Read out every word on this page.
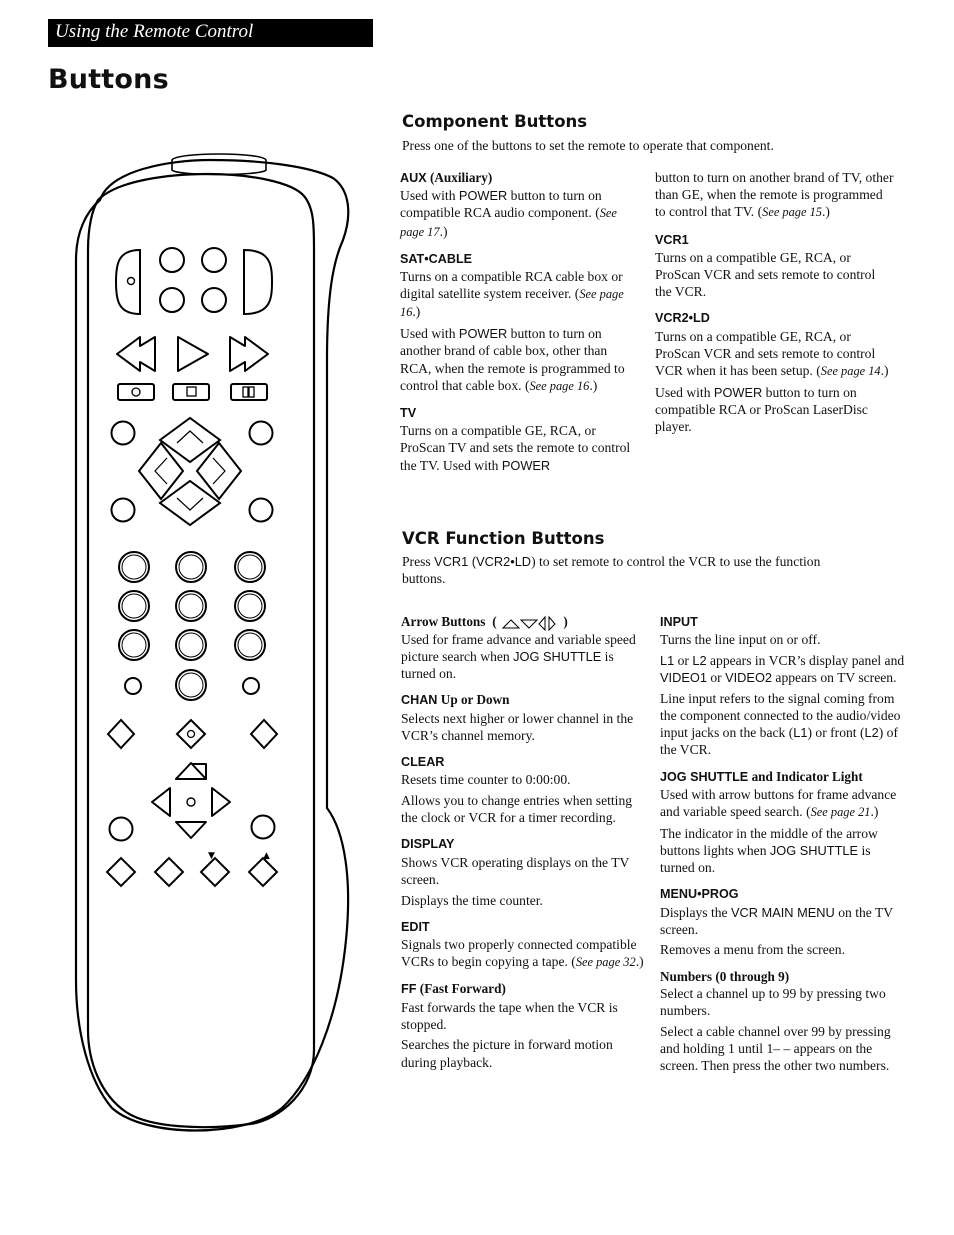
Using the Remote Control
Buttons
▼	▲
Component Buttons
Press one of the buttons to set the remote to operate that component.

AUX (Auxiliary)
Used with POWER button to turn on compatible RCA audio component. (See page 17.)

SAT•CABLE
Turns on a compatible RCA cable box or digital satellite system receiver. (See page 16.)

Used with POWER button to turn on another brand of cable box, other than RCA, when the remote is programmed to control that cable box. (See page 16.)

TV
Turns on a compatible GE, RCA, or ProScan TV and sets the remote to control the TV. Used with POWER

button to turn on another brand of TV, other than GE, when the remote is programmed to control that TV. (See page 15.)

VCR1
Turns on a compatible GE, RCA, or ProScan VCR and sets remote to control the VCR.

VCR2•LD
Turns on a compatible GE, RCA, or ProScan VCR and sets remote to control VCR when it has been setup. (See page 14.)

Used with POWER button to turn on compatible RCA or ProScan LaserDisc player.

VCR Function Buttons
Press VCR1 (VCR2•LD) to set remote to control the VCR to use the function buttons.

Arrow Buttons (	)
Used for frame advance and variable speed picture search when JOG SHUTTLE is turned on.

CHAN Up or Down
Selects next higher or lower channel in the VCR’s channel memory.

CLEAR
Resets time counter to 0:00:00.

Allows you to change entries when setting the clock or VCR for a timer recording.

DISPLAY
Shows VCR operating displays on the TV screen.

Displays the time counter.

EDIT
Signals two properly connected compatible VCRs to begin copying a tape. (See page 32.)

FF (Fast Forward)
Fast forwards the tape when the VCR is stopped.

Searches the picture in forward motion during playback.

INPUT
Turns the line input on or off.

L1 or L2 appears in VCR’s display panel and VIDEO1 or VIDEO2 appears on TV screen.

Line input refers to the signal coming from the component connected to the audio/video input jacks on the back (L1) or front (L2) of the VCR.

JOG SHUTTLE and Indicator Light
Used with arrow buttons for frame advance and variable speed search. (See page 21.)

The indicator in the middle of the arrow buttons lights when JOG SHUTTLE is turned on.

MENU•PROG
Displays the VCR MAIN MENU on the TV screen.

Removes a menu from the screen.

Numbers (0 through 9)
Select a channel up to 99 by pressing two numbers.

Select a cable channel over 99 by pressing and holding 1 until 1– – appears on the screen. Then press the other two numbers.
